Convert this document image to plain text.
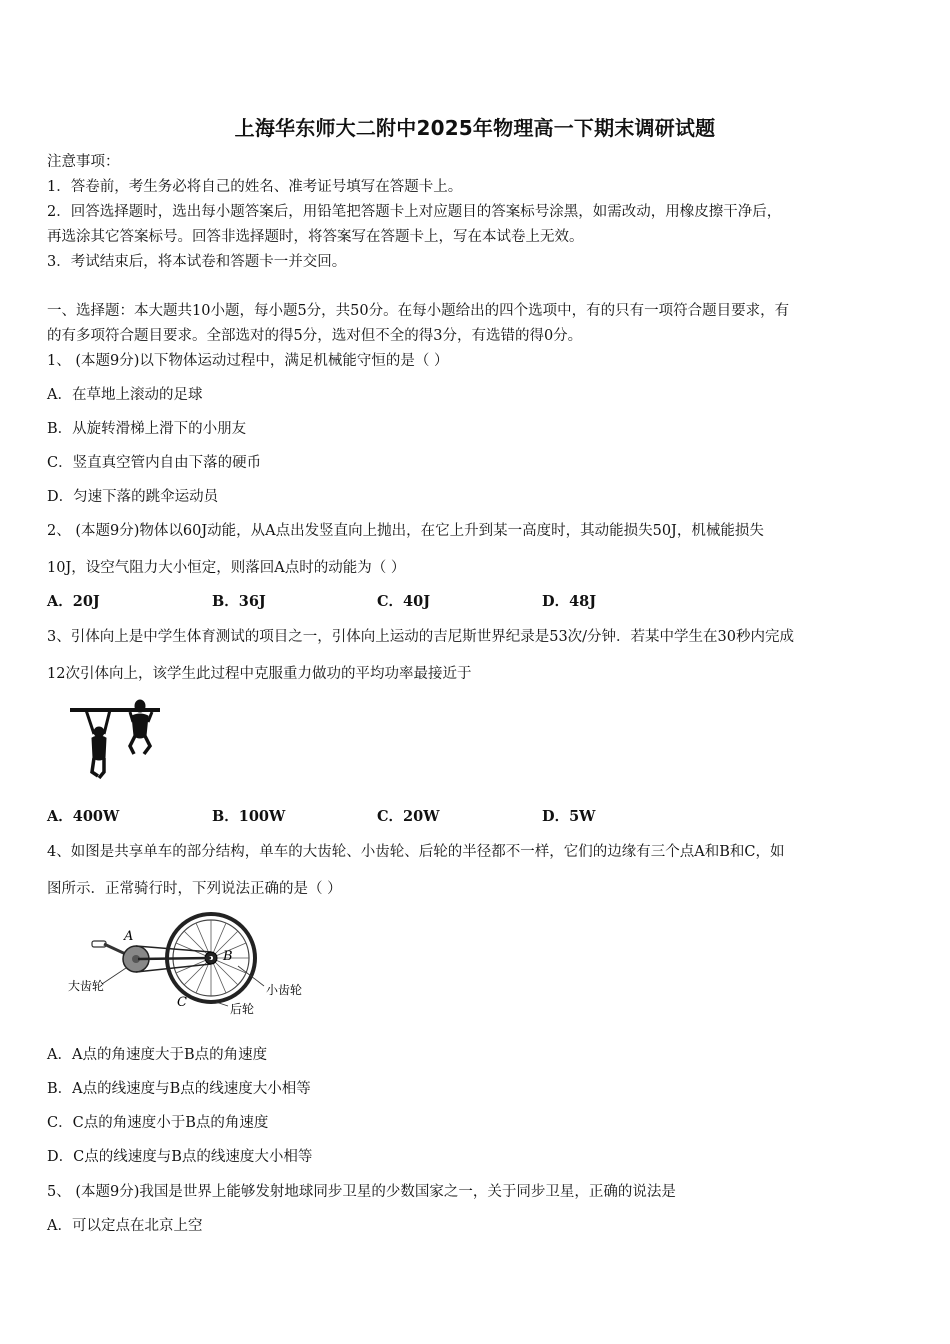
上海华东师大二附中2025年物理高一下期末调研试题
注意事项：
1．答卷前，考生务必将自己的姓名、准考证号填写在答题卡上。
2．回答选择题时，选出每小题答案后，用铅笔把答题卡上对应题目的答案标号涂黑，如需改动，用橡皮擦干净后，
再选涂其它答案标号。回答非选择题时，将答案写在答题卡上，写在本试卷上无效。
3．考试结束后，将本试卷和答题卡一并交回。
一、选择题：本大题共10小题，每小题5分，共50分。在每小题给出的四个选项中，有的只有一项符合题目要求，有
的有多项符合题目要求。全部选对的得5分，选对但不全的得3分，有选错的得0分。
1、 (本题9分)以下物体运动过程中，满足机械能守恒的是（ ）
A．在草地上滚动的足球
B．从旋转滑梯上滑下的小朋友
C．竖直真空管内自由下落的硬币
D．匀速下落的跳伞运动员
2、 (本题9分)物体以60J动能，从A点出发竖直向上抛出，在它上升到某一高度时，其动能损失50J，机械能损失
10J，设空气阻力大小恒定，则落回A点时的动能为（ ）
A．20J	B．36J	C．40J	D．48J
3、引体向上是中学生体育测试的项目之一，引体向上运动的吉尼斯世界纪录是53次/分钟．若某中学生在30秒内完成
12次引体向上，该学生此过程中克服重力做功的平均功率最接近于
A．400W	B．100W	C．20W	D．5W
4、如图是共享单车的部分结构，单车的大齿轮、小齿轮、后轮的半径都不一样，它们的边缘有三个点A和B和C，如
图所示．正常骑行时，下列说法正确的是（ ）
A
B
C
大齿轮	小齿轮
后轮
A．A点的角速度大于B点的角速度
B．A点的线速度与B点的线速度大小相等
C．C点的角速度小于B点的角速度
D．C点的线速度与B点的线速度大小相等
5、 (本题9分)我国是世界上能够发射地球同步卫星的少数国家之一，关于同步卫星，正确的说法是
A．可以定点在北京上空
